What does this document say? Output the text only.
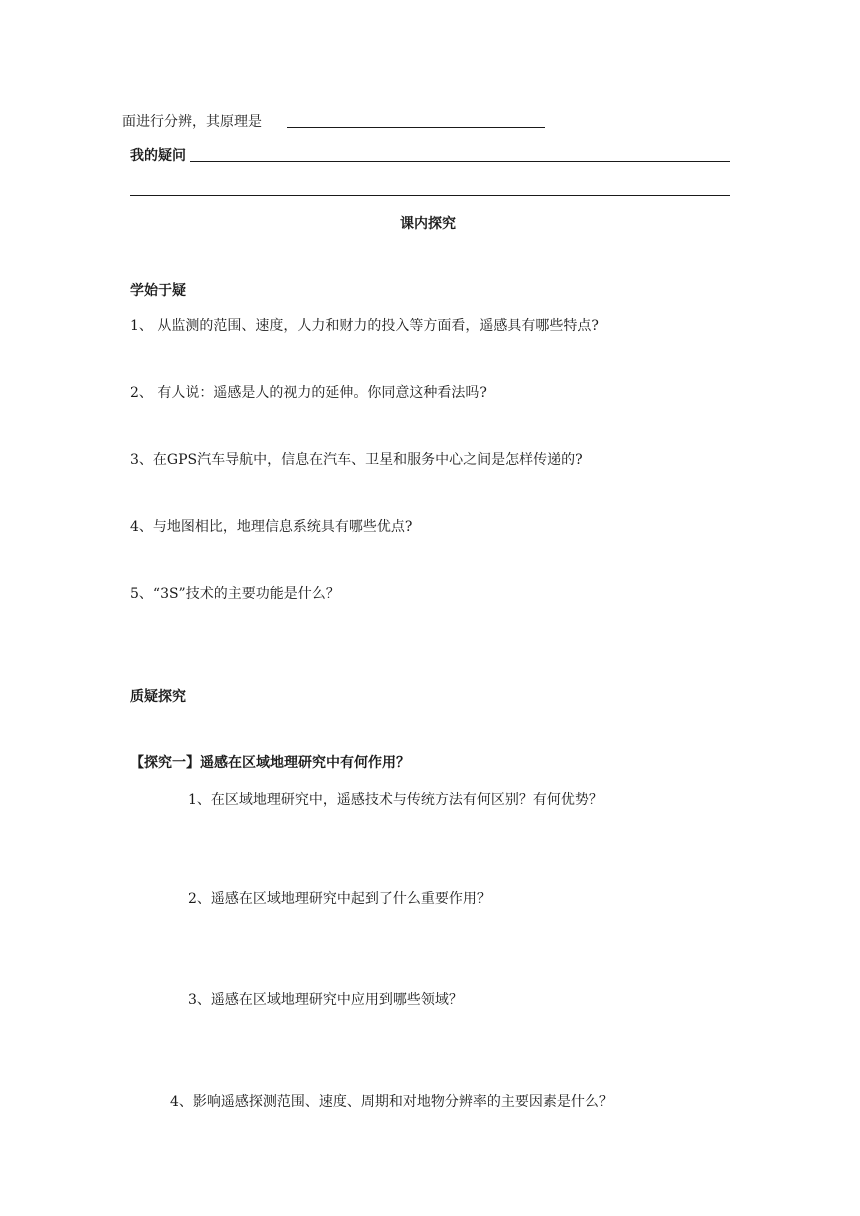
面进行分辨，其原理是
我的疑问
课内探究
学始于疑
1、 从监测的范围、速度，人力和财力的投入等方面看，遥感具有哪些特点?
2、 有人说：遥感是人的视力的延伸。你同意这种看法吗?
3、在GPS汽车导航中，信息在汽车、卫星和服务中心之间是怎样传递的?
4、与地图相比，地理信息系统具有哪些优点?
5、“3S”技术的主要功能是什么？
质疑探究
【探究一】遥感在区域地理研究中有何作用？
1、在区域地理研究中，遥感技术与传统方法有何区别？有何优势？
2、遥感在区域地理研究中起到了什么重要作用？
3、遥感在区域地理研究中应用到哪些领域？
4、影响遥感探测范围、速度、周期和对地物分辨率的主要因素是什么？
